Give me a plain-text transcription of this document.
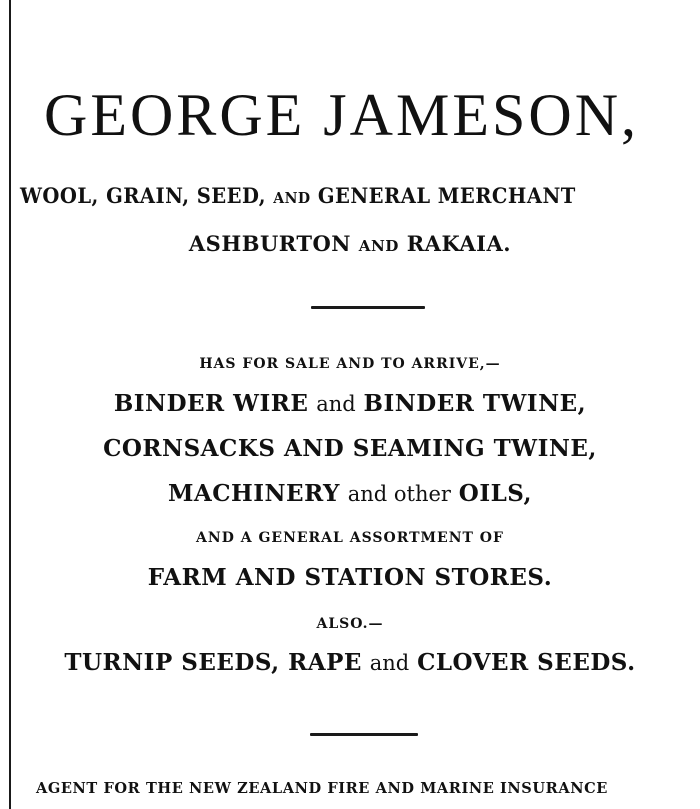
GEORGE JAMESON,
WOOL, GRAIN, SEED, AND GENERAL MERCHANT
ASHBURTON AND RAKAIA.
HAS FOR SALE AND TO ARRIVE,—
BINDER WIRE and BINDER TWINE,
CORNSACKS AND SEAMING TWINE,
MACHINERY and other OILS,
AND A GENERAL ASSORTMENT OF
FARM AND STATION STORES.
ALSO.—
TURNIP SEEDS, RAPE and CLOVER SEEDS.
AGENT FOR THE NEW ZEALAND FIRE AND MARINE INSURANCE
